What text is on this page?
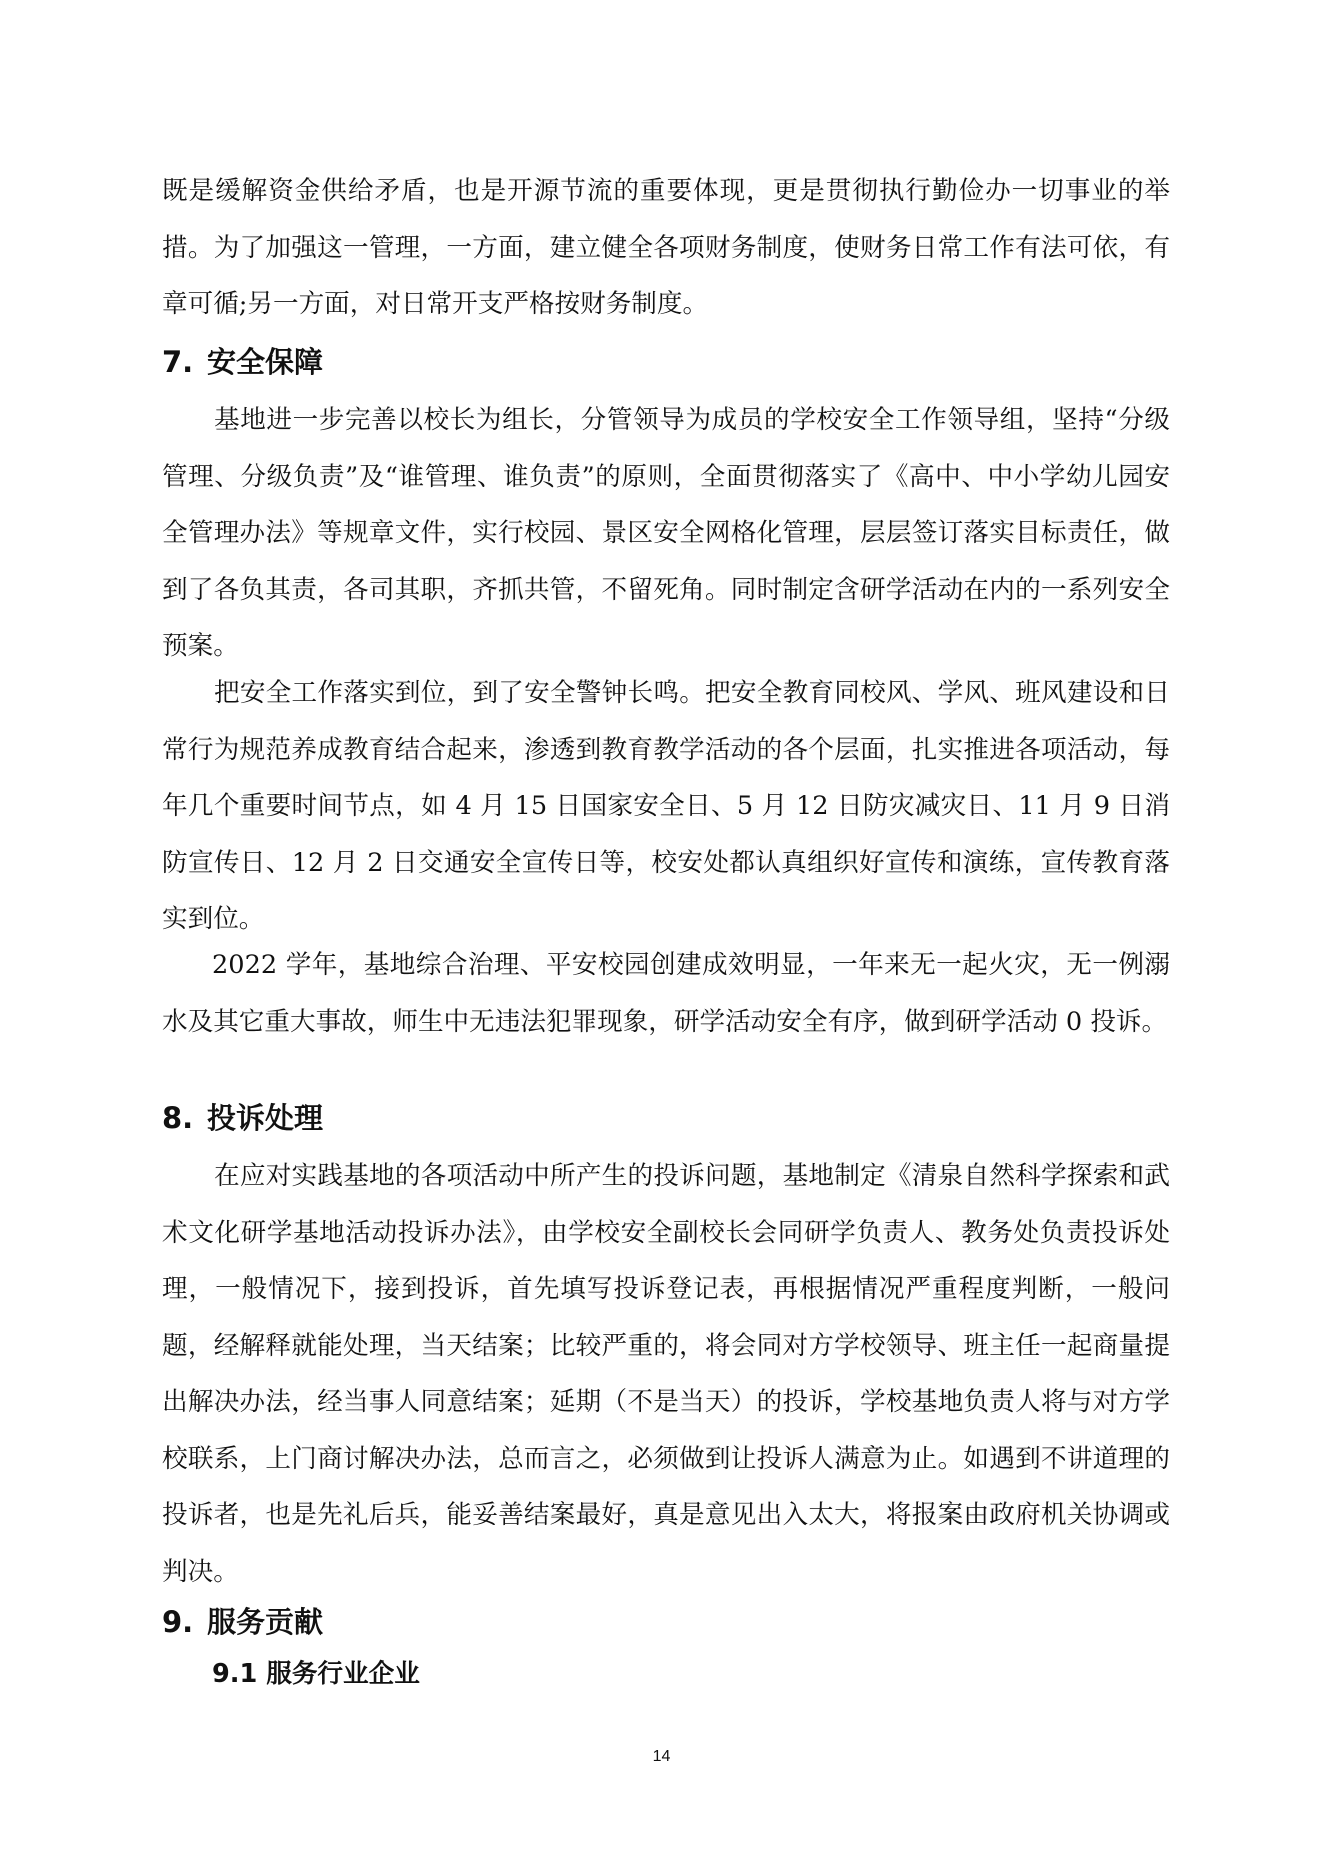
既是缓解资金供给矛盾，也是开源节流的重要体现，更是贯彻执行勤俭办一切事业的举措。为了加强这一管理，一方面，建立健全各项财务制度，使财务日常工作有法可依，有章可循;另一方面，对日常开支严格按财务制度。

7. 安全保障

基地进一步完善以校长为组长，分管领导为成员的学校安全工作领导组，坚持“分级管理、分级负责”及“谁管理、谁负责”的原则，全面贯彻落实了《高中、中小学幼儿园安全管理办法》等规章文件，实行校园、景区安全网格化管理，层层签订落实目标责任，做到了各负其责，各司其职，齐抓共管，不留死角。同时制定含研学活动在内的一系列安全预案。

把安全工作落实到位，到了安全警钟长鸣。把安全教育同校风、学风、班风建设和日常行为规范养成教育结合起来，渗透到教育教学活动的各个层面，扎实推进各项活动，每年几个重要时间节点，如 4 月 15 日国家安全日、5 月 12 日防灾减灾日、11 月 9 日消防宣传日、12 月 2 日交通安全宣传日等，校安处都认真组织好宣传和演练，宣传教育落实到位。

2022 学年，基地综合治理、平安校园创建成效明显，一年来无一起火灾，无一例溺水及其它重大事故，师生中无违法犯罪现象，研学活动安全有序，做到研学活动 0 投诉。

8. 投诉处理

在应对实践基地的各项活动中所产生的投诉问题，基地制定《清泉自然科学探索和武术文化研学基地活动投诉办法》，由学校安全副校长会同研学负责人、教务处负责投诉处理，一般情况下，接到投诉，首先填写投诉登记表，再根据情况严重程度判断，一般问题，经解释就能处理，当天结案；比较严重的，将会同对方学校领导、班主任一起商量提出解决办法，经当事人同意结案；延期（不是当天）的投诉，学校基地负责人将与对方学校联系，上门商讨解决办法，总而言之，必须做到让投诉人满意为止。如遇到不讲道理的投诉者，也是先礼后兵，能妥善结案最好，真是意见出入太大，将报案由政府机关协调或判决。

9. 服务贡献
9.1 服务行业企业
14
